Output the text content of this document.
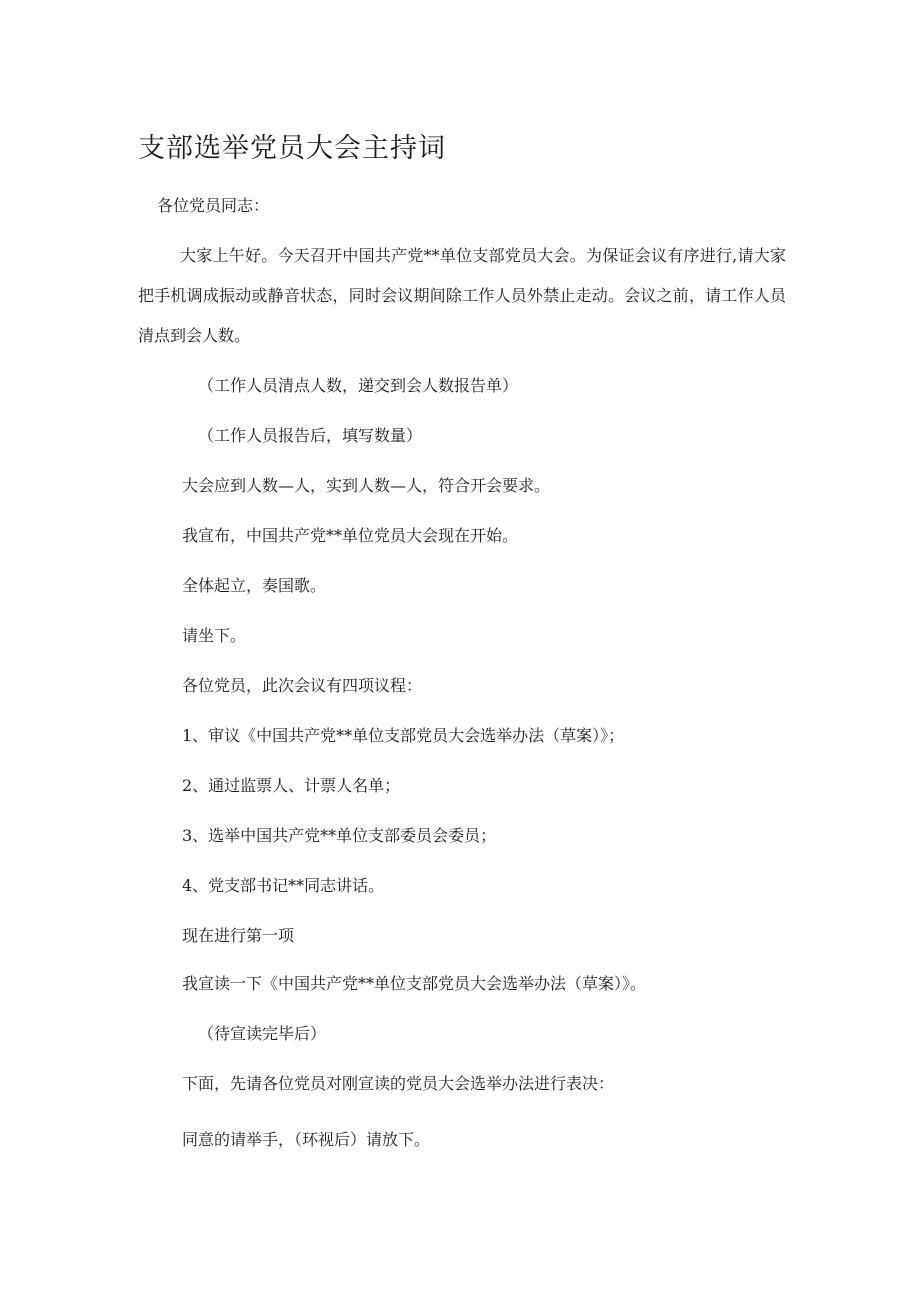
支部选举党员大会主持词

各位党员同志：

大家上午好。今天召开中国共产党**单位支部党员大会。为保证会议有序进行,请大家把手机调成振动或静音状态，同时会议期间除工作人员外禁止走动。会议之前，请工作人员清点到会人数。

（工作人员清点人数，递交到会人数报告单）

（工作人员报告后，填写数量）

大会应到人数—人，实到人数—人，符合开会要求。

我宣布，中国共产党**单位党员大会现在开始。

全体起立，奏国歌。

请坐下。

各位党员，此次会议有四项议程：

1、审议《中国共产党**单位支部党员大会选举办法（草案）》；

2、通过监票人、计票人名单；

3、选举中国共产党**单位支部委员会委员；

4、党支部书记**同志讲话。

现在进行第一项

我宣读一下《中国共产党**单位支部党员大会选举办法（草案）》。

（待宣读完毕后）

下面，先请各位党员对刚宣读的党员大会选举办法进行表决：

同意的请举手，（环视后）请放下。
